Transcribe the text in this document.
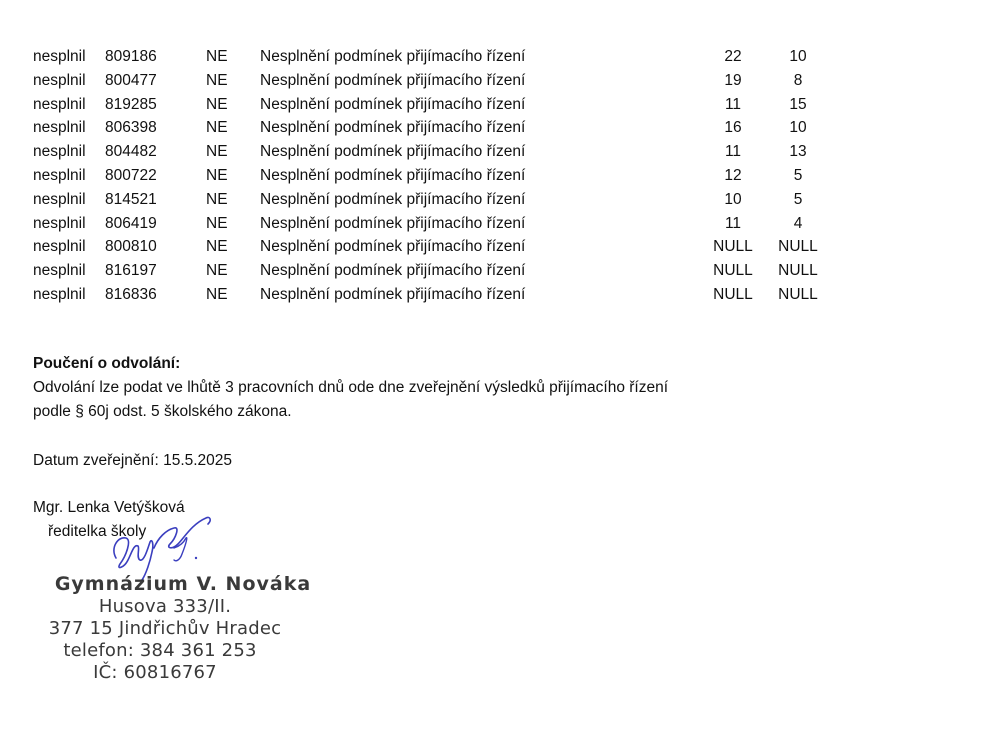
nesplnil 809186	NE Nesplnění podmínek přijímacího řízení	22	10
nesplnil 800477	NE Nesplnění podmínek přijímacího řízení	19	8
nesplnil 819285	NE Nesplnění podmínek přijímacího řízení	11	15
nesplnil 806398	NE Nesplnění podmínek přijímacího řízení	16	10
nesplnil 804482	NE Nesplnění podmínek přijímacího řízení	11	13
nesplnil 800722	NE Nesplnění podmínek přijímacího řízení	12	5
nesplnil 814521	NE Nesplnění podmínek přijímacího řízení	10	5
nesplnil 806419	NE Nesplnění podmínek přijímacího řízení	11	4
nesplnil 800810	NE Nesplnění podmínek přijímacího řízení	NULL	NULL
nesplnil 816197	NE Nesplnění podmínek přijímacího řízení	NULL	NULL
nesplnil 816836	NE Nesplnění podmínek přijímacího řízení	NULL	NULL
Poučení o odvolání:
Odvolání lze podat ve lhůtě 3 pracovních dnů ode dne zveřejnění výsledků přijímacího řízení
podle § 60j odst. 5 školského zákona.
Datum zveřejnění: 15.5.2025
Mgr. Lenka Vetýšková
ředitelka školy
Gymnázium V. Nováka
Husova 333/II.
377 15 Jindřichův Hradec
telefon: 384 361 253
IČ: 60816767
